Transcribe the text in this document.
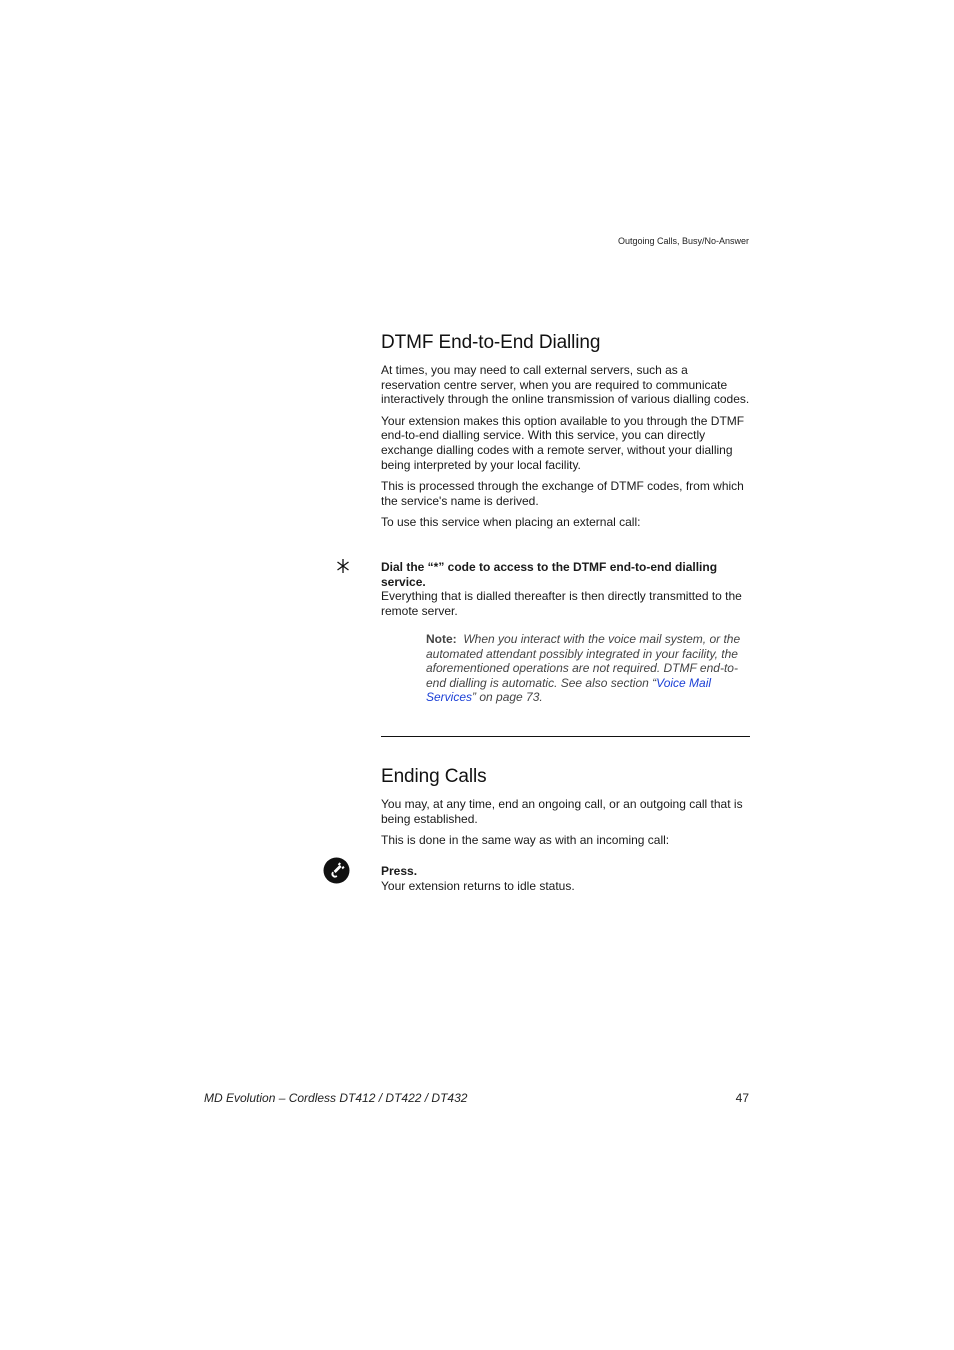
Outgoing Calls, Busy/No-Answer
DTMF End-to-End Dialling

At times, you may need to call external servers, such as a reservation centre server, when you are required to communicate interactively through the online transmission of various dialling codes.

Your extension makes this option available to you through the DTMF end-to-end dialling service. With this service, you can directly exchange dialling codes with a remote server, without your dialling being interpreted by your local facility.

This is processed through the exchange of DTMF codes, from which the service's name is derived.

To use this service when placing an external call:

Dial the “*” code to access to the DTMF end-to-end dialling service.
Everything that is dialled thereafter is then directly transmitted to the remote server.
Note: When you interact with the voice mail system, or the automated attendant possibly integrated in your facility, the aforementioned operations are not required. DTMF end-to-end dialling is automatic. See also section “Voice Mail Services” on page 73.
Ending Calls

You may, at any time, end an ongoing call, or an outgoing call that is being established.

This is done in the same way as with an incoming call:

Press.
Your extension returns to idle status.
MD Evolution – Cordless DT412 / DT422 / DT432	47
